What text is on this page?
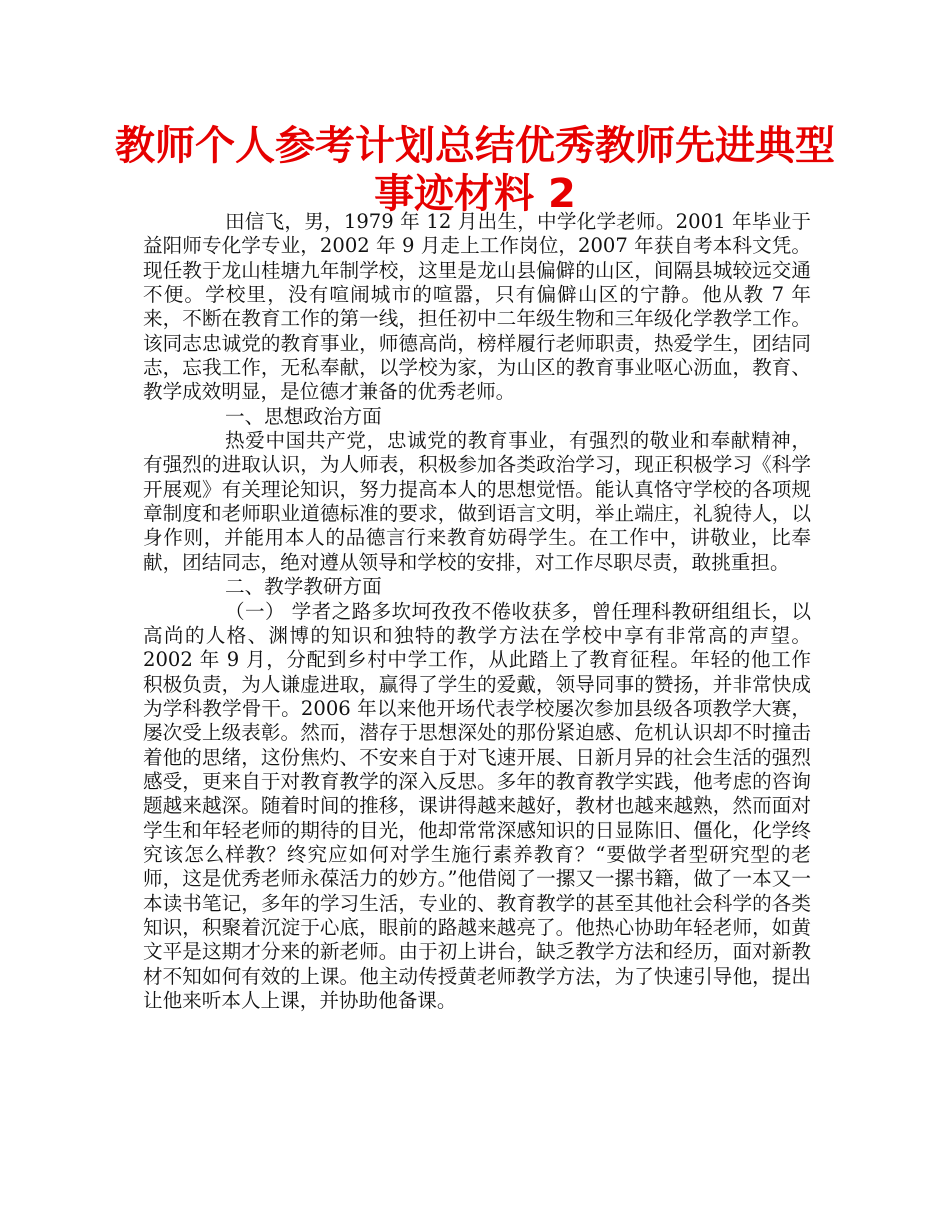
教师个人参考计划总结优秀教师先进典型
事迹材料 2

田信飞，男，1979 年 12 月出生，中学化学老师。2001 年毕业于益阳师专化学专业，2002 年 9 月走上工作岗位，2007 年获自考本科文凭。现任教于龙山桂塘九年制学校，这里是龙山县偏僻的山区，间隔县城较远交通不便。学校里，没有喧闹城市的喧嚣，只有偏僻山区的宁静。他从教 7 年来，不断在教育工作的第一线，担任初中二年级生物和三年级化学教学工作。该同志忠诚党的教育事业，师德高尚，榜样履行老师职责，热爱学生，团结同志，忘我工作，无私奉献，以学校为家，为山区的教育事业呕心沥血，教育、教学成效明显，是位德才兼备的优秀老师。

一、思想政治方面

热爱中国共产党，忠诚党的教育事业，有强烈的敬业和奉献精神，有强烈的进取认识，为人师表，积极参加各类政治学习，现正积极学习《科学开展观》有关理论知识，努力提高本人的思想觉悟。能认真恪守学校的各项规章制度和老师职业道德标准的要求，做到语言文明，举止端庄，礼貌待人，以身作则，并能用本人的品德言行来教育妨碍学生。在工作中，讲敬业，比奉献，团结同志，绝对遵从领导和学校的安排，对工作尽职尽责，敢挑重担。

二、教学教研方面

（一） 学者之路多坎坷孜孜不倦收获多，曾任理科教研组组长，以高尚的人格、渊博的知识和独特的教学方法在学校中享有非常高的声望。 2002 年 9 月，分配到乡村中学工作，从此踏上了教育征程。年轻的他工作积极负责，为人谦虚进取，赢得了学生的爱戴，领导同事的赞扬，并非常快成为学科教学骨干。2006 年以来他开场代表学校屡次参加县级各项教学大赛，屡次受上级表彰。然而，潜存于思想深处的那份紧迫感、危机认识却不时撞击着他的思绪，这份焦灼、不安来自于对飞速开展、日新月异的社会生活的强烈感受，更来自于对教育教学的深入反思。多年的教育教学实践，他考虑的咨询题越来越深。随着时间的推移，课讲得越来越好，教材也越来越熟，然而面对学生和年轻老师的期待的目光，他却常常深感知识的日显陈旧、僵化，化学终究该怎么样教？终究应如何对学生施行素养教育？“要做学者型研究型的老师，这是优秀老师永葆活力的妙方。”他借阅了一摞又一摞书籍，做了一本又一本读书笔记，多年的学习生活，专业的、教育教学的甚至其他社会科学的各类知识，积聚着沉淀于心底，眼前的路越来越亮了。他热心协助年轻老师，如黄文平是这期才分来的新老师。由于初上讲台，缺乏教学方法和经历，面对新教材不知如何有效的上课。他主动传授黄老师教学方法，为了快速引导他，提出让他来听本人上课，并协助他备课。
